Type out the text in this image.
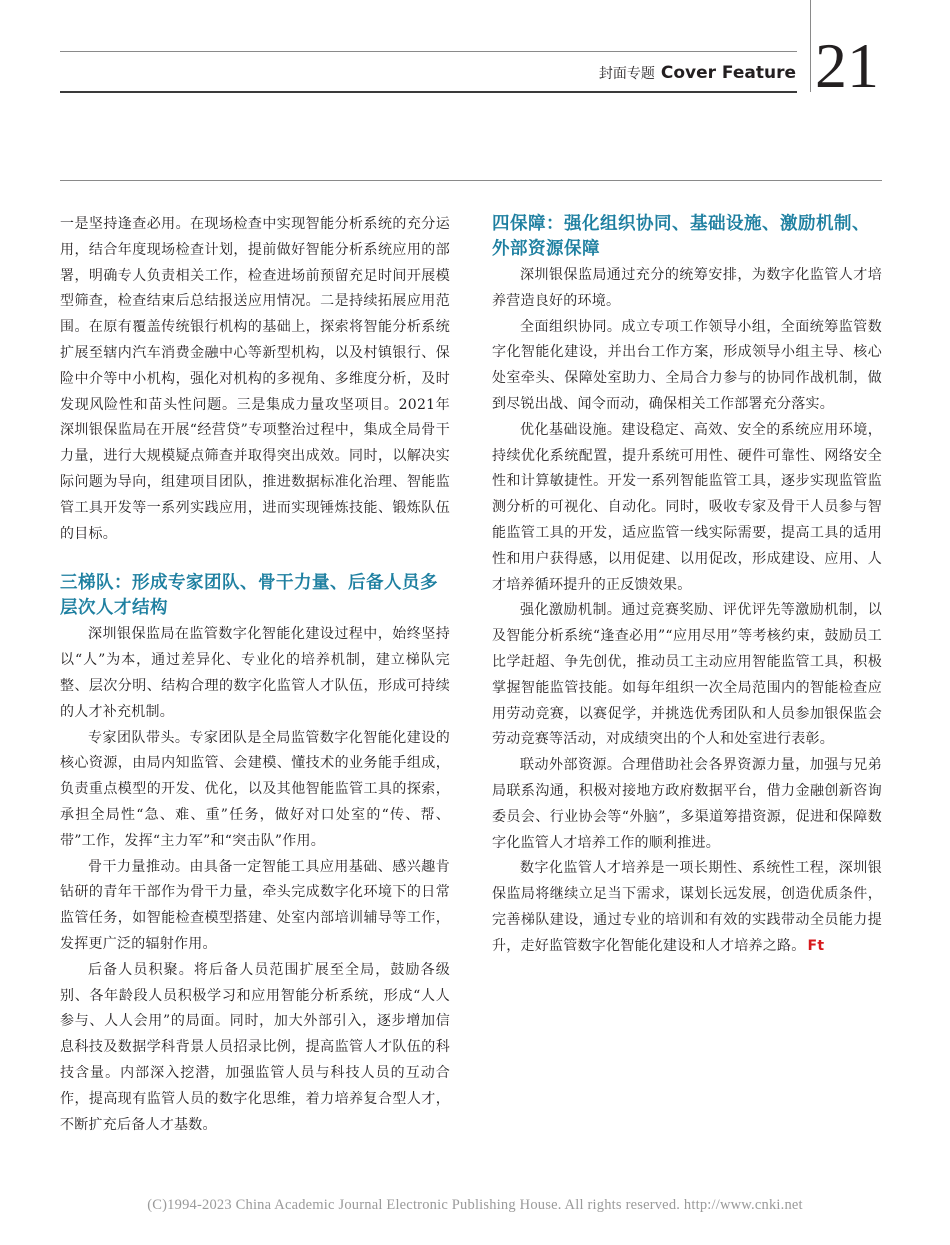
封面专题 Cover Feature 21

一是坚持逢查必用。在现场检查中实现智能分析系统的充分运用，结合年度现场检查计划，提前做好智能分析系统应用的部署，明确专人负责相关工作，检查进场前预留充足时间开展模型筛查，检查结束后总结报送应用情况。二是持续拓展应用范围。在原有覆盖传统银行机构的基础上，探索将智能分析系统扩展至辖内汽车消费金融中心等新型机构，以及村镇银行、保险中介等中小机构，强化对机构的多视角、多维度分析，及时发现风险性和苗头性问题。三是集成力量攻坚项目。2021年深圳银保监局在开展“经营贷”专项整治过程中，集成全局骨干力量，进行大规模疑点筛查并取得突出成效。同时，以解决实际问题为导向，组建项目团队，推进数据标准化治理、智能监管工具开发等一系列实践应用，进而实现锤炼技能、锻炼队伍的目标。

三梯队：形成专家团队、骨干力量、后备人员多层次人才结构

深圳银保监局在监管数字化智能化建设过程中，始终坚持以“人”为本，通过差异化、专业化的培养机制，建立梯队完整、层次分明、结构合理的数字化监管人才队伍，形成可持续的人才补充机制。

专家团队带头。专家团队是全局监管数字化智能化建设的核心资源，由局内知监管、会建模、懂技术的业务能手组成，负责重点模型的开发、优化，以及其他智能监管工具的探索，承担全局性“急、难、重”任务，做好对口处室的“传、帮、带”工作，发挥“主力军”和“突击队”作用。

骨干力量推动。由具备一定智能工具应用基础、感兴趣肯钻研的青年干部作为骨干力量，牵头完成数字化环境下的日常监管任务，如智能检查模型搭建、处室内部培训辅导等工作，发挥更广泛的辐射作用。

后备人员积聚。将后备人员范围扩展至全局，鼓励各级别、各年龄段人员积极学习和应用智能分析系统，形成“人人参与、人人会用”的局面。同时，加大外部引入，逐步增加信息科技及数据学科背景人员招录比例，提高监管人才队伍的科技含量。内部深入挖潜，加强监管人员与科技人员的互动合作，提高现有监管人员的数字化思维，着力培养复合型人才，不断扩充后备人才基数。

四保障：强化组织协同、基础设施、激励机制、外部资源保障

深圳银保监局通过充分的统筹安排，为数字化监管人才培养营造良好的环境。

全面组织协同。成立专项工作领导小组，全面统筹监管数字化智能化建设，并出台工作方案，形成领导小组主导、核心处室牵头、保障处室助力、全局合力参与的协同作战机制，做到尽锐出战、闻令而动，确保相关工作部署充分落实。

优化基础设施。建设稳定、高效、安全的系统应用环境，持续优化系统配置，提升系统可用性、硬件可靠性、网络安全性和计算敏捷性。开发一系列智能监管工具，逐步实现监管监测分析的可视化、自动化。同时，吸收专家及骨干人员参与智能监管工具的开发，适应监管一线实际需要，提高工具的适用性和用户获得感，以用促建、以用促改，形成建设、应用、人才培养循环提升的正反馈效果。

强化激励机制。通过竞赛奖励、评优评先等激励机制，以及智能分析系统“逢查必用”“应用尽用”等考核约束，鼓励员工比学赶超、争先创优，推动员工主动应用智能监管工具，积极掌握智能监管技能。如每年组织一次全局范围内的智能检查应用劳动竞赛，以赛促学，并挑选优秀团队和人员参加银保监会劳动竞赛等活动，对成绩突出的个人和处室进行表彰。

联动外部资源。合理借助社会各界资源力量，加强与兄弟局联系沟通，积极对接地方政府数据平台，借力金融创新咨询委员会、行业协会等“外脑”，多渠道筹措资源，促进和保障数字化监管人才培养工作的顺利推进。

数字化监管人才培养是一项长期性、系统性工程，深圳银保监局将继续立足当下需求，谋划长远发展，创造优质条件，完善梯队建设，通过专业的培训和有效的实践带动全员能力提升，走好监管数字化智能化建设和人才培养之路。 Ft

(C)1994-2023 China Academic Journal Electronic Publishing House. All rights reserved. http://www.cnki.net
